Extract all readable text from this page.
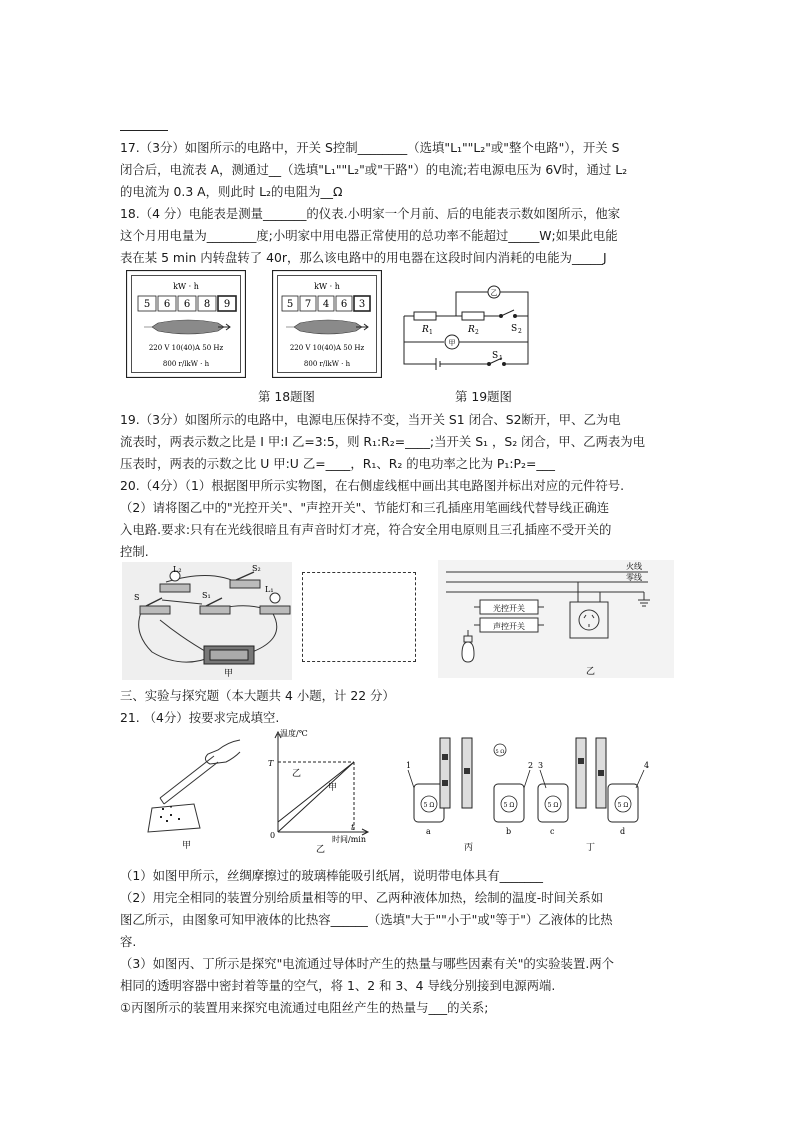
17.（3分）如图所示的电路中，开关 S控制________（选填"L₁""L₂"或"整个电路"），开关 S
闭合后，电流表 A，测通过__（选填"L₁""L₂"或"干路"）的电流;若电源电压为 6V时，通过 L₂
的电流为 0.3 A，则此时 L₂的电阻为__Ω
18.（4 分）电能表是测量_______的仪表.小明家一个月前、后的电能表示数如图所示，他家
这个月用电量为________度;小明家中用电器正常使用的总功率不能超过_____W;如果此电能
表在某 5 min 内转盘转了 40r，那么该电路中的用电器在这段时间内消耗的电能为_____J
kW · h
5 6 6 8 9
220 V 10(40)A 50 Hz
800 r/lkW · h
kW · h
5 7 4 6 3
220 V 10(40)A 50 Hz
800 r/lkW · h
乙
甲
R 1	R 2	S 2
S 1
第 18题图	第 19题图
19.（3分）如图所示的电路中，电源电压保持不变，当开关 S1 闭合、S2断开，甲、乙为电
流表时，两表示数之比是 I 甲:I 乙=3:5，则 R₁:R₂=____;当开关 S₁ ，S₂ 闭合，甲、乙两表为电
压表时，两表的示数之比 U 甲:U 乙=____，R₁、R₂ 的电功率之比为 P₁:P₂=___
20.（4分）（1）根据图甲所示实物图，在右侧虚线框中画出其电路图并标出对应的元件符号.
（2）请将图乙中的"光控开关"、"声控开关"、节能灯和三孔插座用笔画线代替导线正确连
入电路.要求:只有在光线很暗且有声音时灯才亮，符合安全用电原则且三孔插座不受开关的
控制.
L₂	S₂
S	S₁
L₁
甲
火线
零线
光控开关
声控开关
乙
三、实验与探究题（本大题共 4 小题，计 22 分）
21. （4分）按要求完成填空.
甲
温度/℃
T
0
t
时间/min
乙
甲
乙
5 Ω	5 Ω	5 Ω	5 Ω
5 Ω
1	2 3	4
a	b	c	d
丙	丁
（1）如图甲所示，丝绸摩擦过的玻璃棒能吸引纸屑，说明带电体具有_______
（2）用完全相同的装置分别给质量相等的甲、乙两种液体加热，绘制的温度-时间关系如
图乙所示，由图象可知甲液体的比热容______（选填"大于""小于"或"等于"）乙液体的比热
容.
（3）如图丙、丁所示是探究"电流通过导体时产生的热量与哪些因素有关"的实验装置.两个
相同的透明容器中密封着等量的空气，将 1、2 和 3、4 导线分别接到电源两端.
①丙图所示的装置用来探究电流通过电阻丝产生的热量与___的关系;
